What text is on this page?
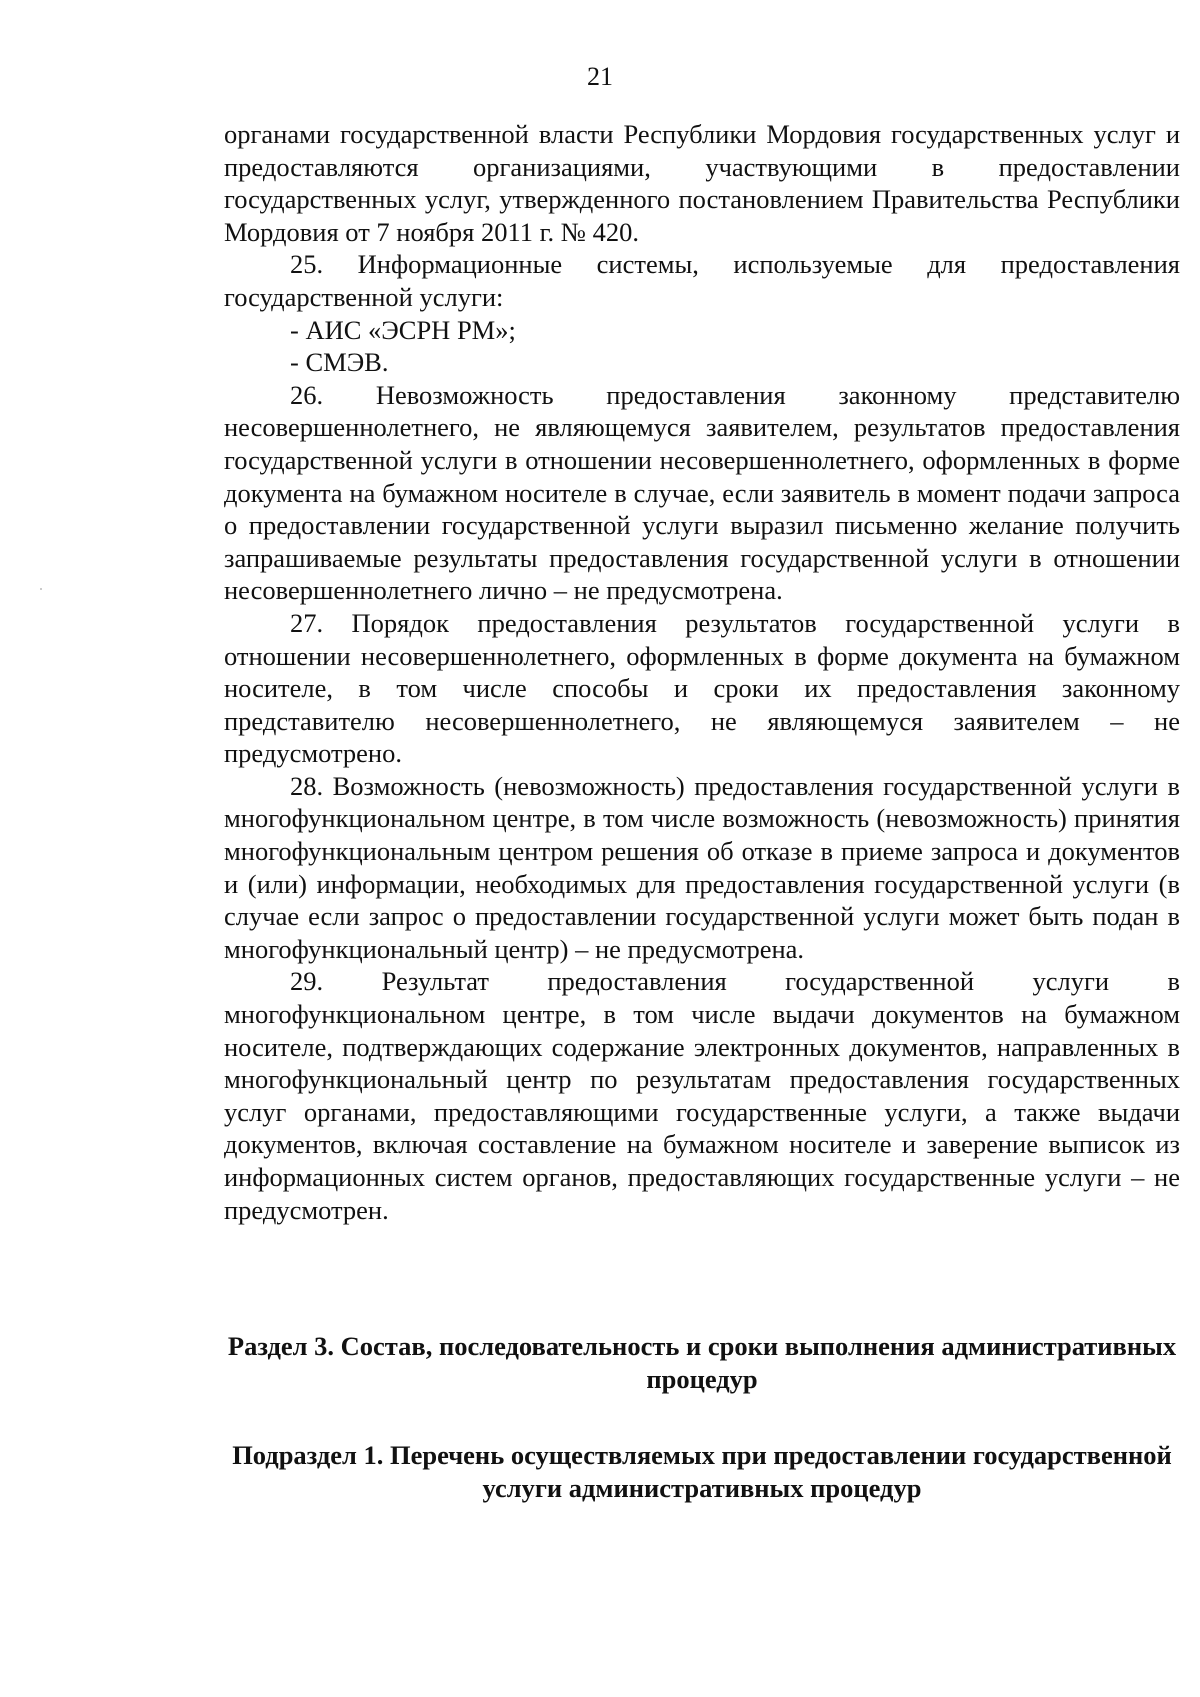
21

органами государственной власти Республики Мордовия государственных услуг и предоставляются организациями, участвующими в предоставлении государственных услуг, утвержденного постановлением Правительства Республики Мордовия от 7 ноября 2011 г. № 420.

25. Информационные системы, используемые для предоставления государственной услуги:

- АИС «ЭСРН РМ»;

- СМЭВ.

26. Невозможность предоставления законному представителю несовершеннолетнего, не являющемуся заявителем, результатов предоставления государственной услуги в отношении несовершеннолетнего, оформленных в форме документа на бумажном носителе в случае, если заявитель в момент подачи запроса о предоставлении государственной услуги выразил письменно желание получить запрашиваемые результаты предоставления государственной услуги в отношении несовершеннолетнего лично – не предусмотрена.

27. Порядок предоставления результатов государственной услуги в отношении несовершеннолетнего, оформленных в форме документа на бумажном носителе, в том числе способы и сроки их предоставления законному представителю несовершеннолетнего, не являющемуся заявителем – не предусмотрено.

28. Возможность (невозможность) предоставления государственной услуги в многофункциональном центре, в том числе возможность (невозможность) принятия многофункциональным центром решения об отказе в приеме запроса и документов и (или) информации, необходимых для предоставления государственной услуги (в случае если запрос о предоставлении государственной услуги может быть подан в многофункциональный центр) – не предусмотрена.

29. Результат предоставления государственной услуги в многофункциональном центре, в том числе выдачи документов на бумажном носителе, подтверждающих содержание электронных документов, направленных в многофункциональный центр по результатам предоставления государственных услуг органами, предоставляющими государственные услуги, а также выдачи документов, включая составление на бумажном носителе и заверение выписок из информационных систем органов, предоставляющих государственные услуги – не предусмотрен.

Раздел 3. Состав, последовательность и сроки выполнения административных процедур

Подраздел 1. Перечень осуществляемых при предоставлении государственной услуги административных процедур
